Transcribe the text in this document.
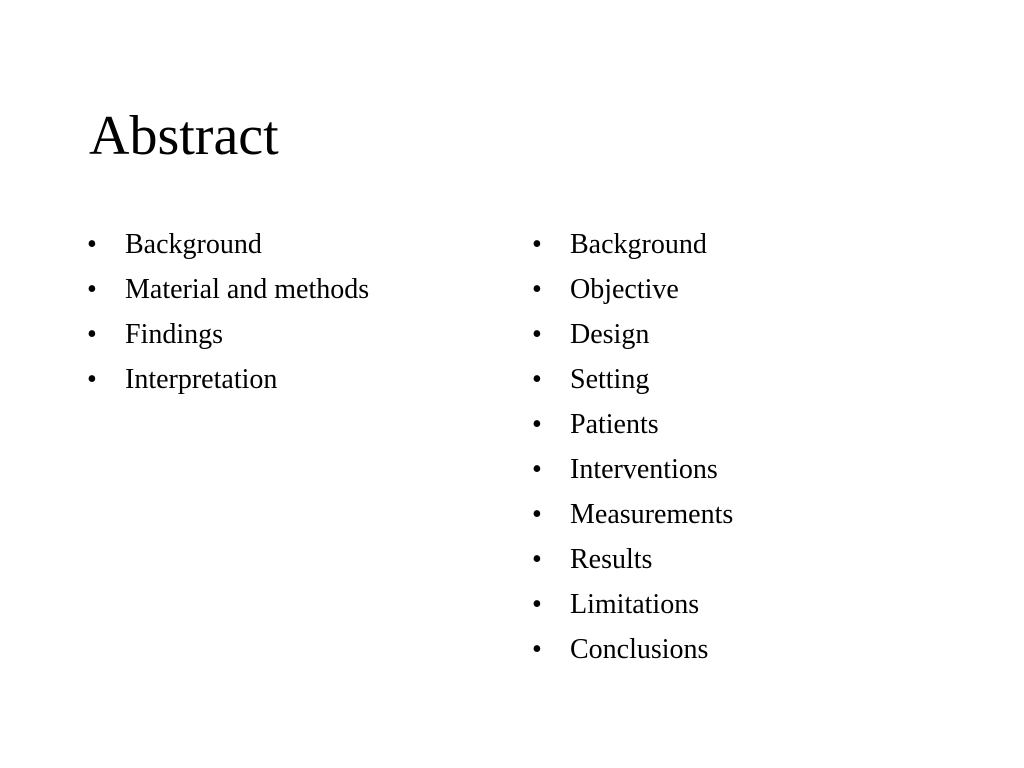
Abstract
• Background
• Material and methods
• Findings
• Interpretation
• Background
• Objective
• Design
• Setting
• Patients
• Interventions
• Measurements
• Results
• Limitations
• Conclusions
